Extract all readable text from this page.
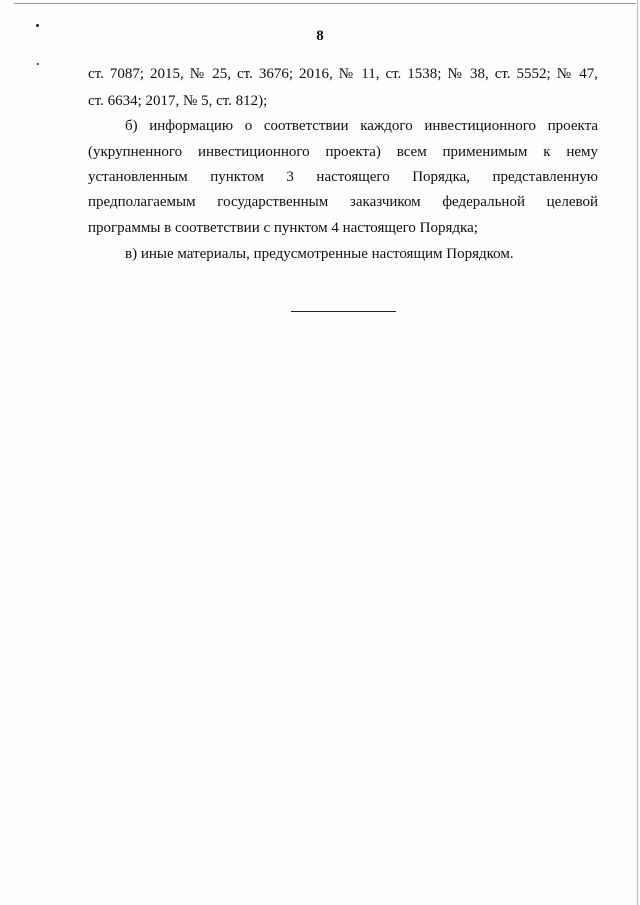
8
ст. 7087; 2015, № 25, ст. 3676; 2016, № 11, ст. 1538; № 38, ст. 5552; № 47,
ст. 6634; 2017, № 5, ст. 812);
б) информацию о соответствии каждого инвестиционного проекта
(укрупненного инвестиционного проекта) всем применимым к нему
установленным пунктом 3 настоящего Порядка, представленную
предполагаемым государственным заказчиком федеральной целевой
программы в соответствии с пунктом 4 настоящего Порядка;
в) иные материалы, предусмотренные настоящим Порядком.
